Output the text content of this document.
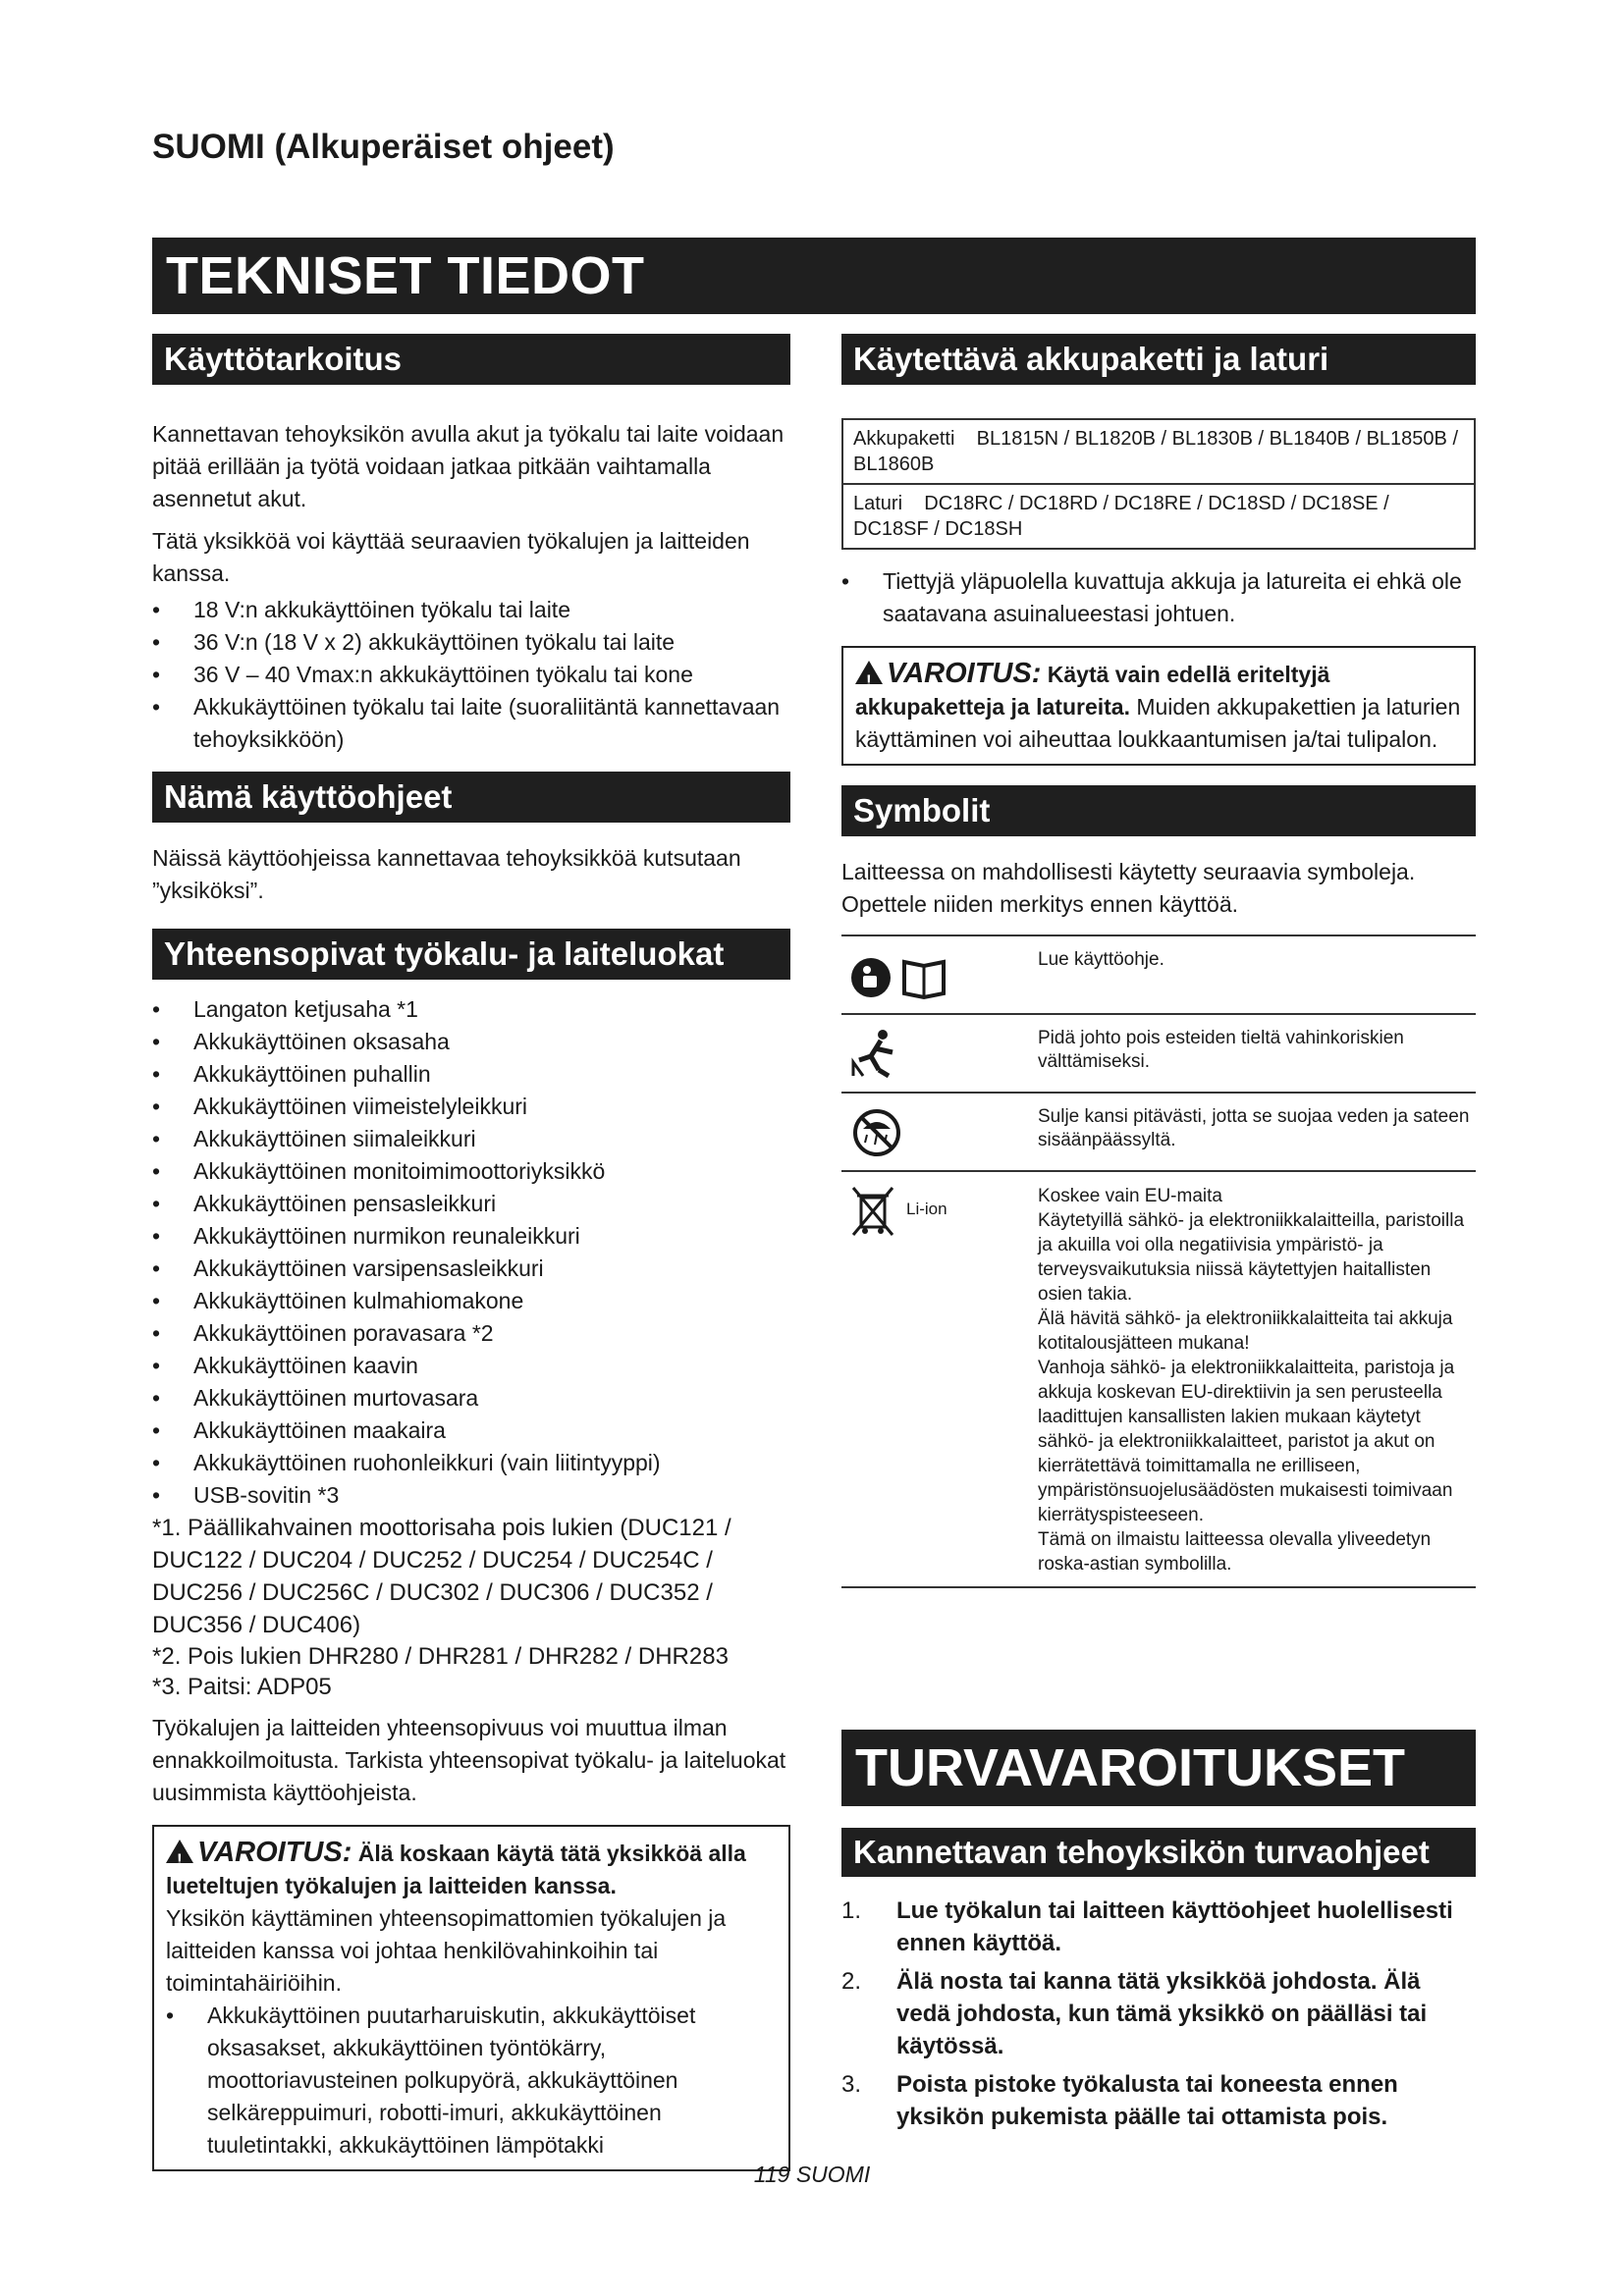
SUOMI (Alkuperäiset ohjeet)
TEKNISET TIEDOT
Käyttötarkoitus

Kannettavan tehoyksikön avulla akut ja työkalu tai laite voidaan pitää erillään ja työtä voidaan jatkaa pitkään vaihtamalla asennetut akut.

Tätä yksikköä voi käyttää seuraavien työkalujen ja laitteiden kanssa.

• 18 V:n akkukäyttöinen työkalu tai laite
• 36 V:n (18 V x 2) akkukäyttöinen työkalu tai laite
• 36 V – 40 Vmax:n akkukäyttöinen työkalu tai kone
• Akkukäyttöinen työkalu tai laite (suoraliitäntä kannettavaan tehoyksikköön)
Nämä käyttöohjeet

Näissä käyttöohjeissa kannettavaa tehoyksikköä kutsutaan ”yksiköksi”.

Yhteensopivat työkalu- ja laiteluokat
• Langaton ketjusaha *1
• Akkukäyttöinen oksasaha
• Akkukäyttöinen puhallin
• Akkukäyttöinen viimeistelyleikkuri
• Akkukäyttöinen siimaleikkuri
• Akkukäyttöinen monitoimimoottoriyksikkö
• Akkukäyttöinen pensasleikkuri
• Akkukäyttöinen nurmikon reunaleikkuri
• Akkukäyttöinen varsipensasleikkuri
• Akkukäyttöinen kulmahiomakone
• Akkukäyttöinen poravasara *2
• Akkukäyttöinen kaavin
• Akkukäyttöinen murtovasara
• Akkukäyttöinen maakaira
• Akkukäyttöinen ruohonleikkuri (vain liitintyyppi)
• USB-sovitin *3

*1. Päällikahvainen moottorisaha pois lukien (DUC121 / DUC122 / DUC204 / DUC252 / DUC254 / DUC254C / DUC256 / DUC256C / DUC302 / DUC306 / DUC352 / DUC356 / DUC406)

*2. Pois lukien DHR280 / DHR281 / DHR282 / DHR283

*3. Paitsi: ADP05

Työkalujen ja laitteiden yhteensopivuus voi muuttua ilman ennakkoilmoitusta. Tarkista yhteensopivat työkalu- ja laiteluokat uusimmista käyttöohjeista.

!VAROITUS: Älä koskaan käytä tätä yksikköä alla lueteltujen työkalujen ja laitteiden kanssa.

Yksikön käyttäminen yhteensopimattomien työkalujen ja laitteiden kanssa voi johtaa henkilövahinkoihin tai toimintahäiriöihin.

• Akkukäyttöinen puutarharuiskutin, akkukäyttöiset oksasakset, akkukäyttöinen työntökärry, moottoriavusteinen polkupyörä, akkukäyttöinen selkäreppuimuri, robotti-imuri, akkukäyttöinen tuuletintakki, akkukäyttöinen lämpötakki
Käytettävä akkupaketti ja laturi
Akkupaketti BL1815N / BL1820B / BL1830B / BL1840B / BL1850B / BL1860B
Laturi DC18RC / DC18RD / DC18RE / DC18SD / DC18SE / DC18SF / DC18SH
• Tiettyjä yläpuolella kuvattuja akkuja ja latureita ei ehkä ole saatavana asuinalueestasi johtuen.

!VAROITUS: Käytä vain edellä eriteltyjä akkupaketteja ja latureita. Muiden akkupakettien ja laturien käyttäminen voi aiheuttaa loukkaantumisen ja/tai tulipalon.

Symbolit

Laitteessa on mahdollisesti käytetty seuraavia symboleja. Opettele niiden merkitys ennen käyttöä.

Lue käyttöohje.
Pidä johto pois esteiden tieltä vahinkoriskien välttämiseksi.
Sulje kansi pitävästi, jotta se suojaa veden ja sateen sisäänpäässyltä.
Li-ion
Koskee vain EU-maita
Käytetyillä sähkö- ja elektroniikkalaitteilla, paristoilla ja akuilla voi olla negatiivisia ympäristö- ja terveysvaikutuksia niissä käytettyjen haitallisten osien takia.
Älä hävitä sähkö- ja elektroniikkalaitteita tai akkuja kotitalousjätteen mukana!
Vanhoja sähkö- ja elektroniikkalaitteita, paristoja ja akkuja koskevan EU-direktiivin ja sen perusteella laadittujen kansallisten lakien mukaan käytetyt sähkö- ja elektroniikkalaitteet, paristot ja akut on kierrätettävä toimittamalla ne erilliseen, ympäristönsuojelusäädösten mukaisesti toimivaan kierrätyspisteeseen.
Tämä on ilmaistu laitteessa olevalla yliveedetyn roska-astian symbolilla.
TURVAVAROITUKSET
Kannettavan tehoyksikön turvaohjeet
1. Lue työkalun tai laitteen käyttöohjeet huolellisesti ennen käyttöä.
2. Älä nosta tai kanna tätä yksikköä johdosta. Älä vedä johdosta, kun tämä yksikkö on päälläsi tai käytössä.
3. Poista pistoke työkalusta tai koneesta ennen yksikön pukemista päälle tai ottamista pois.
119 SUOMI
